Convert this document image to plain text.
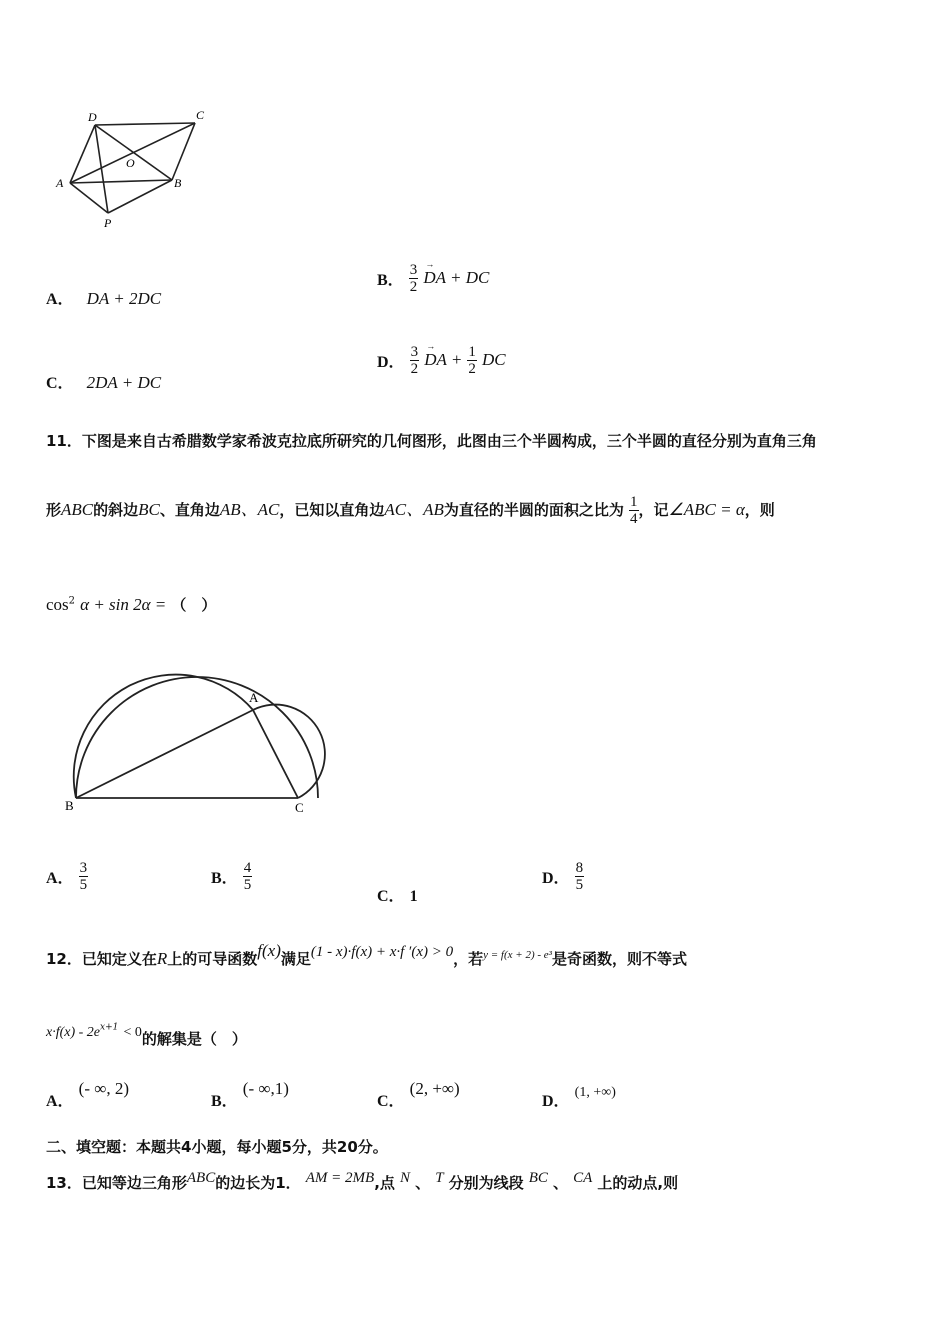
D	C
O
A	B
P
A． DA + 2DC
B． $\frac{3}{2}$ → DA + DC
C． 2DA + DC
D． $\frac{3}{2}$ → DA + $\frac{1}{2}$ DC
11．下图是来自古希腊数学家希波克拉底所研究的几何图形，此图由三个半圆构成，三个半圆的直径分别为直角三角
形ABC的斜边BC、直角边AB、AC，已知以直角边AC、AB为直径的半圆的面积之比为 $\frac{1}{4}$ ，记∠ABC = α，则
$\cos^2 \alpha + \sin 2\alpha$ = （　）
A
B	C
A． $\frac{3}{5}$	B． $\frac{4}{5}$
C． 1
D． $\frac{8}{5}$
12．已知定义在R上的可导函数f(x)满足(1 - x)·f(x) + x·f ′(x) > 0，若$^{y = f(x + 2) - e^3}$是奇函数，则不等式
$x\cdot f(x) - 2e^{x+1} < 0$的解集是（　）
A． (- ∞, 2)
B． (- ∞,1)
C． (2, +∞)
D． (1, +∞)
二、填空题：本题共4小题，每小题5分，共20分。
13．已知等边三角形ABC的边长为1． AM = 2MB,点 N 、 T 分别为线段 BC 、 CA 上的动点,则
